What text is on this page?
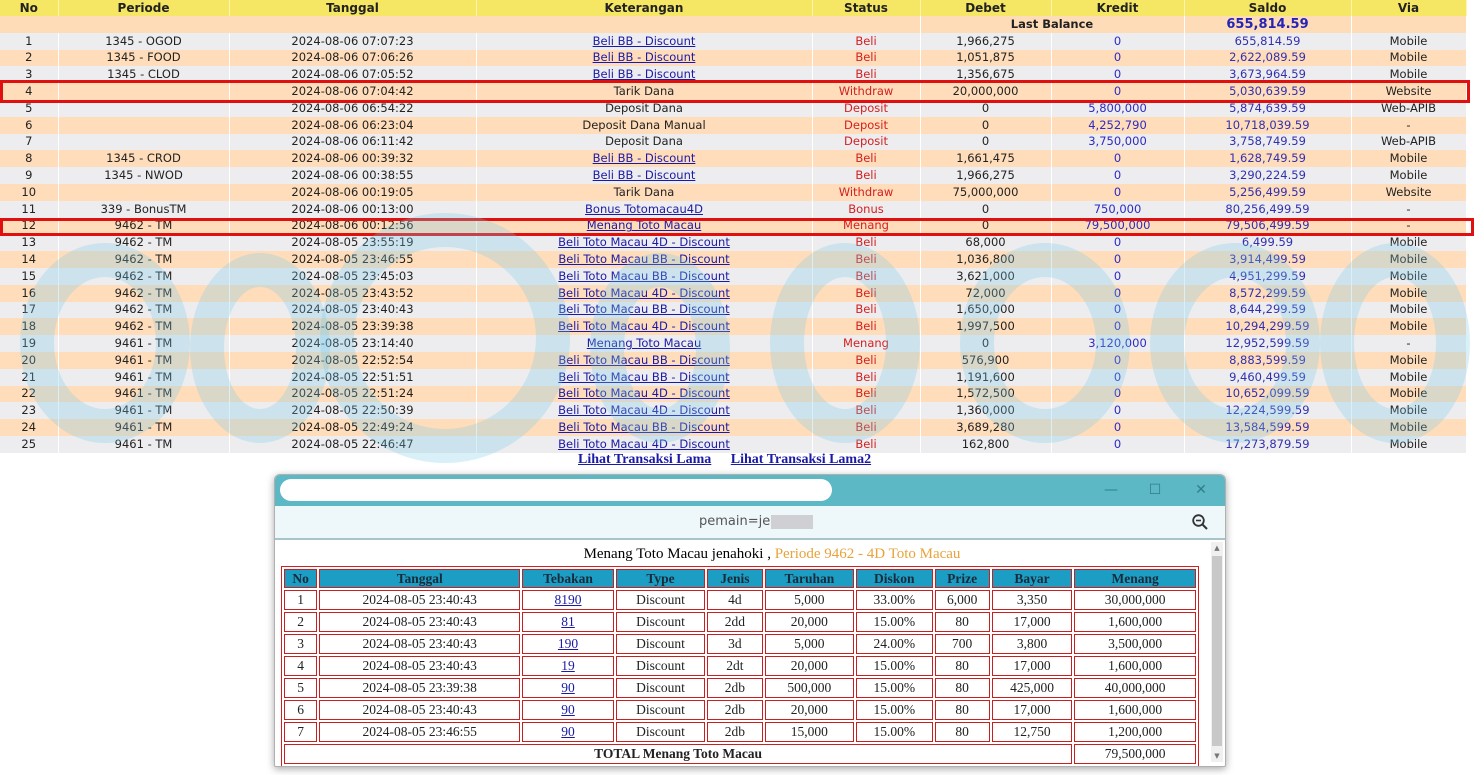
No	Periode	Tanggal	Keterangan	Status	Debet	Kredit	Saldo	Via
					Last Balance		655,814.59	
1	1345 - OGOD	2024-08-06 07:07:23	Beli BB - Discount	Beli	1,966,275	0	655,814.59	Mobile
2	1345 - FOOD	2024-08-06 07:06:26	Beli BB - Discount	Beli	1,051,875	0	2,622,089.59	Mobile
3	1345 - CLOD	2024-08-06 07:05:52	Beli BB - Discount	Beli	1,356,675	0	3,673,964.59	Mobile
4		2024-08-06 07:04:42	Tarik Dana	Withdraw	20,000,000	0	5,030,639.59	Website
5		2024-08-06 06:54:22	Deposit Dana	Deposit	0	5,800,000	5,874,639.59	Web-APIB
6		2024-08-06 06:23:04	Deposit Dana Manual	Deposit	0	4,252,790	10,718,039.59	-
7		2024-08-06 06:11:42	Deposit Dana	Deposit	0	3,750,000	3,758,749.59	Web-APIB
8	1345 - CROD	2024-08-06 00:39:32	Beli BB - Discount	Beli	1,661,475	0	1,628,749.59	Mobile
9	1345 - NWOD	2024-08-06 00:38:55	Beli BB - Discount	Beli	1,966,275	0	3,290,224.59	Mobile
10		2024-08-06 00:19:05	Tarik Dana	Withdraw	75,000,000	0	5,256,499.59	Website
11	339 - BonusTM	2024-08-06 00:13:00	Bonus Totomacau4D	Bonus	0	750,000	80,256,499.59	-
12	9462 - TM	2024-08-06 00:12:56	Menang Toto Macau	Menang	0	79,500,000	79,506,499.59	-
13	9462 - TM	2024-08-05 23:55:19	Beli Toto Macau 4D - Discount	Beli	68,000	0	6,499.59	Mobile
14	9462 - TM	2024-08-05 23:46:55	Beli Toto Macau BB - Discount	Beli	1,036,800	0	3,914,499.59	Mobile
15	9462 - TM	2024-08-05 23:45:03	Beli Toto Macau BB - Discount	Beli	3,621,000	0	4,951,299.59	Mobile
16	9462 - TM	2024-08-05 23:43:52	Beli Toto Macau 4D - Discount	Beli	72,000	0	8,572,299.59	Mobile
17	9462 - TM	2024-08-05 23:40:43	Beli Toto Macau BB - Discount	Beli	1,650,000	0	8,644,299.59	Mobile
18	9462 - TM	2024-08-05 23:39:38	Beli Toto Macau 4D - Discount	Beli	1,997,500	0	10,294,299.59	Mobile
19	9461 - TM	2024-08-05 23:14:40	Menang Toto Macau	Menang	0	3,120,000	12,952,599.59	-
20	9461 - TM	2024-08-05 22:52:54	Beli Toto Macau BB - Discount	Beli	576,900	0	8,883,599.59	Mobile
21	9461 - TM	2024-08-05 22:51:51	Beli Toto Macau BB - Discount	Beli	1,191,600	0	9,460,499.59	Mobile
22	9461 - TM	2024-08-05 22:51:24	Beli Toto Macau 4D - Discount	Beli	1,572,500	0	10,652,099.59	Mobile
23	9461 - TM	2024-08-05 22:50:39	Beli Toto Macau 4D - Discount	Beli	1,360,000	0	12,224,599.59	Mobile
24	9461 - TM	2024-08-05 22:49:24	Beli Toto Macau BB - Discount	Beli	3,689,280	0	13,584,599.59	Mobile
25	9461 - TM	2024-08-05 22:46:47	Beli Toto Macau 4D - Discount	Beli	162,800	0	17,273,879.59	Mobile
Lihat Transaksi Lama Lihat Transaksi Lama2
— ☐ ✕
pemain=je
Menang Toto Macau jenahoki , Periode 9462 - 4D Toto Macau
No	Tanggal	Tebakan	Type	Jenis	Taruhan	Diskon	Prize	Bayar	Menang
1	2024-08-05 23:40:43	8190	Discount	4d	5,000	33.00%	6,000	3,350	30,000,000
2	2024-08-05 23:40:43	81	Discount	2dd	20,000	15.00%	80	17,000	1,600,000
3	2024-08-05 23:40:43	190	Discount	3d	5,000	24.00%	700	3,800	3,500,000
4	2024-08-05 23:40:43	19	Discount	2dt	20,000	15.00%	80	17,000	1,600,000
5	2024-08-05 23:39:38	90	Discount	2db	500,000	15.00%	80	425,000	40,000,000
6	2024-08-05 23:40:43	90	Discount	2db	20,000	15.00%	80	17,000	1,600,000
7	2024-08-05 23:46:55	90	Discount	2db	15,000	15.00%	80	12,750	1,200,000
TOTAL Menang Toto Macau									79,500,000
▲
▼
